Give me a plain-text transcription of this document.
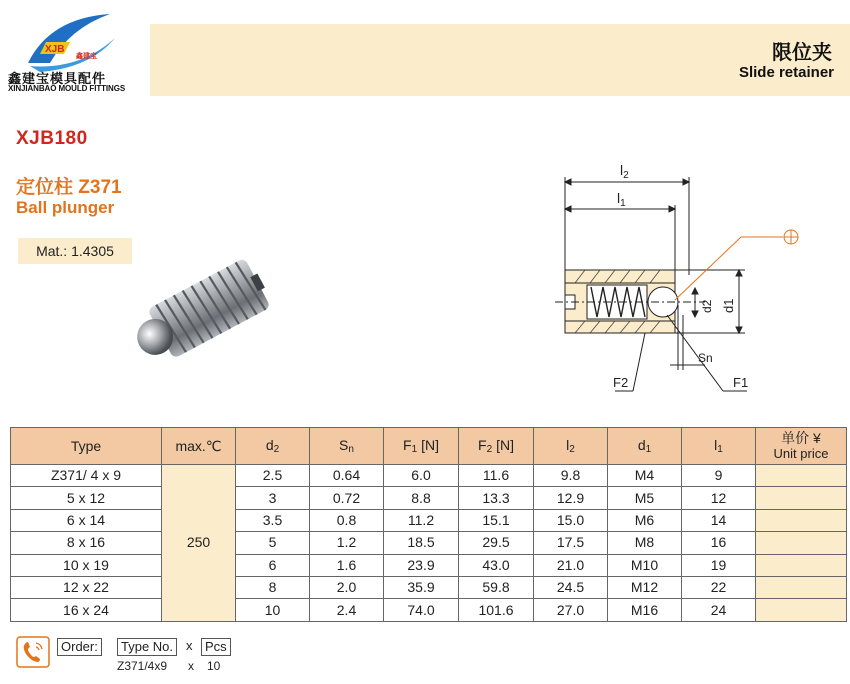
XJB
鑫建宝
鑫建宝模具配件
XINJIANBAO MOULD FITTINGS
限位夹
Slide retainer
XJB180
定位柱 Z371
Ball plunger
Mat.: 1.4305
$l_2$
$l_1$
d2 d1
Sn
F2	F1
Type	max.℃	$d_2$	$S_n$	$F_1$ [N]	$F_2$ [N]	$l_2$	$d_1$	$l_1$	单价 ¥
Unit price

Z371/ 4 x 9	250	2.5	0.64	6.0	11.6	9.8	M4	9	
5 x 12		3	0.72	8.8	13.3	12.9	M5	12	
6 x 14		3.5	0.8	11.2	15.1	15.0	M6	14	
8 x 16		5	1.2	18.5	29.5	17.5	M8	16	
10 x 19		6	1.6	23.9	43.0	21.0	M10	19	
12 x 22		8	2.0	35.9	59.8	24.5	M12	22	
16 x 24		10	2.4	74.0	101.6	27.0	M16	24	
Order:	Type No. x Pcs
Z371/4x9 x 10
